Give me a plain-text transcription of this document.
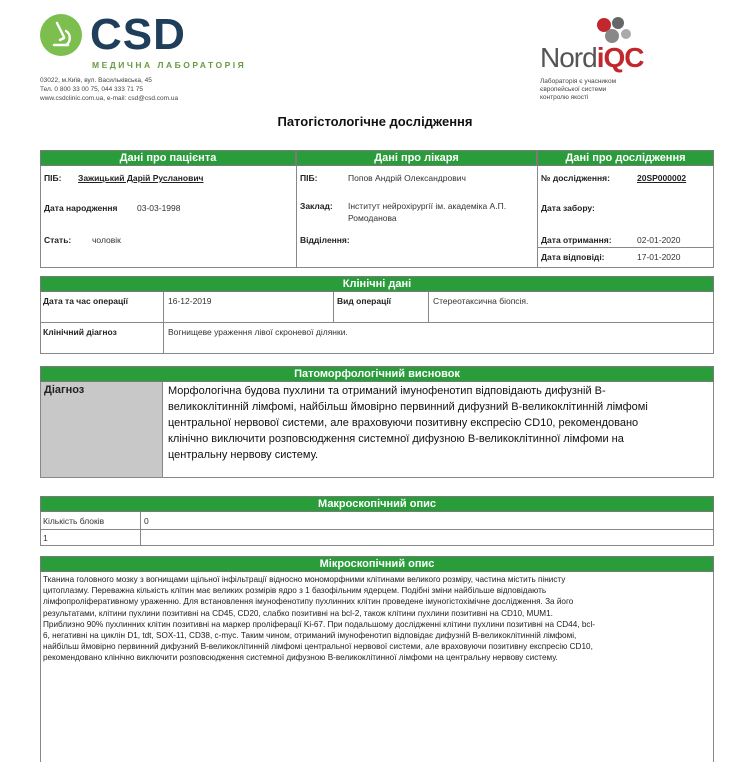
CSD
МЕДИЧНА ЛАБОРАТОРІЯ
03022, м.Київ, вул. Васильківська, 45
Тел. 0 800 33 00 75, 044 333 71 75
www.csdclinic.com.ua, e-mail: csd@csd.com.ua
NordiQC
Лабораторія є учасником
європейської системи
контролю якості
Патогістологічне дослідження
Дані про пацієнта	Дані про лікаря	Дані про дослідження
ПІБ: Зажицький Дарій Русланович
Дата народження 03-03-1998
Стать: чоловік
ПІБ:	Попов Андрій Олександрович
Заклад: Інститут нейрохірургії ім. академіка А.П.
Ромоданова
Відділення:
№ дослідження:	20SP000002
Дата забору:
Дата отримання:	02-01-2020
Дата відповіді:	17-01-2020
Клінічні дані
Дата та час операції	16-12-2019	Вид операції	Стереотаксична біопсія.
Клінічний діагноз	Вогнищеве ураження лівої скроневої ділянки.
Патоморфологічний висновок
Діагноз	Морфологічна будова пухлини та отриманий імунофенотип відповідають дифузній В-
великоклітинній лімфомі, найбільш ймовірно первинний дифузний В-великоклітинній лімфомі
центральної нервової системи, але враховуючи позитивну експресію CD10, рекомендовано
клінічно виключити розповсюдження системної дифузною В-великоклітинної лімфоми на
центральну нервову систему.
Макроскопічний опис
Кількість блоків	0
1
Мікроскопічний опис
Тканина головного мозку з вогнищами щільної інфільтрації відносно мономорфними клітинами великого розміру, частина містить пінисту
цитоплазму. Переважна кількість клітин має великих розмірів ядро з 1 базофільним ядерцем. Подібні зміни найбільше відповідають
лімфопроліферативному ураженню. Для встановлення імунофенотипу пухлинних клітин проведене імуногістохімічне дослідження. За його
результатами, клітини пухлини позитивні на CD45, CD20, слабко позитивні на bcl-2, також клітини пухлини позитивні на CD10, MUM1.
Приблизно 90% пухлинних клітин позитивні на маркер проліферації Ki-67. При подальшому дослідженні клітини пухлини позитивні на CD44, bcl-
6, негативні на циклін D1, tdt, SOX-11, CD38, c-myc. Таким чином, отриманий імунофенотип відповідає дифузній В-великоклітинній лімфомі,
найбільш ймовірно первинний дифузний В-великоклітинній лімфомі центральної нервової системи, але враховуючи позитивну експресію CD10,
рекомендовано клінічно виключити розповсюдження системної дифузною В-великоклітинної лімфоми на центральну нервову систему.
